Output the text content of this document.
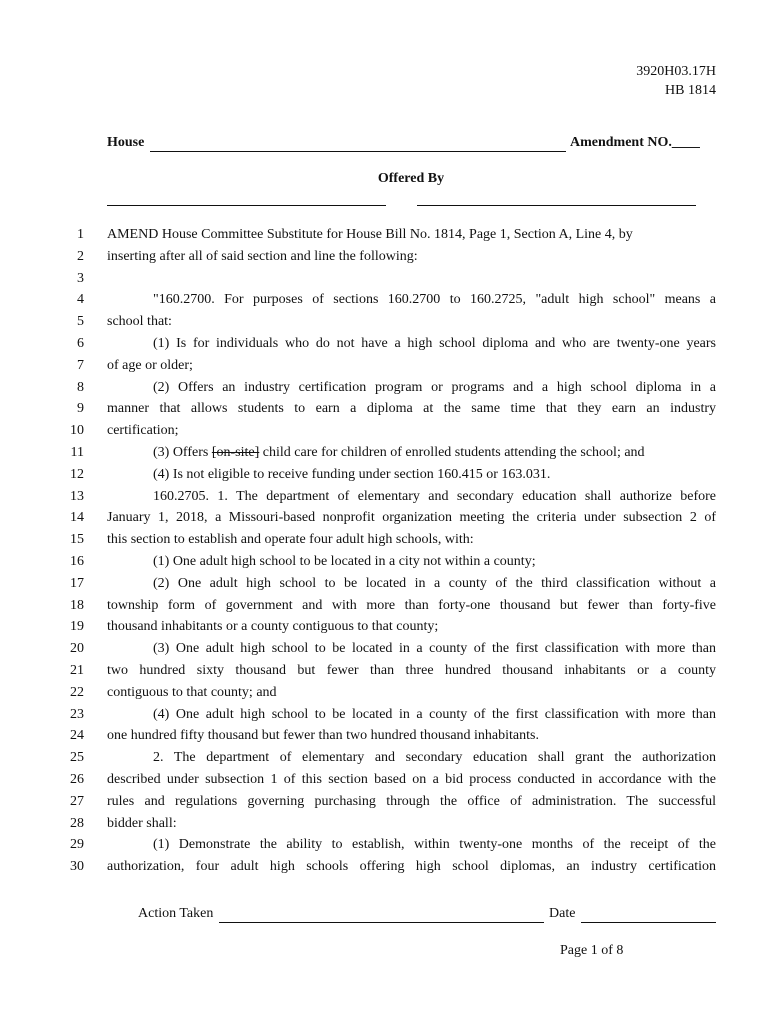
3920H03.17H
HB 1814
House	Amendment NO.____
Offered By
1 AMEND House Committee Substitute for House Bill No. 1814, Page 1, Section A, Line 4, by
2 inserting after all of said section and line the following:
3
4	"160.2700. For purposes of sections 160.2700 to 160.2725, "adult high school" means a
5 school that:
6	(1) Is for individuals who do not have a high school diploma and who are twenty-one years
7 of age or older;
8	(2) Offers an industry certification program or programs and a high school diploma in a
9 manner that allows students to earn a diploma at the same time that they earn an industry
10 certification;
11	(3) Offers [on-site] child care for children of enrolled students attending the school; and
12	(4) Is not eligible to receive funding under section 160.415 or 163.031.
13	160.2705. 1. The department of elementary and secondary education shall authorize before
14 January 1, 2018, a Missouri-based nonprofit organization meeting the criteria under subsection 2 of
15 this section to establish and operate four adult high schools, with:
16	(1) One adult high school to be located in a city not within a county;
17	(2) One adult high school to be located in a county of the third classification without a
18 township form of government and with more than forty-one thousand but fewer than forty-five
19 thousand inhabitants or a county contiguous to that county;
20	(3) One adult high school to be located in a county of the first classification with more than
21 two hundred sixty thousand but fewer than three hundred thousand inhabitants or a county
22 contiguous to that county; and
23	(4) One adult high school to be located in a county of the first classification with more than
24 one hundred fifty thousand but fewer than two hundred thousand inhabitants.
25	2. The department of elementary and secondary education shall grant the authorization
26 described under subsection 1 of this section based on a bid process conducted in accordance with the
27 rules and regulations governing purchasing through the office of administration. The successful
28 bidder shall:
29	(1) Demonstrate the ability to establish, within twenty-one months of the receipt of the
30 authorization, four adult high schools offering high school diplomas, an industry certification
Action Taken	Date
Page 1 of 8
